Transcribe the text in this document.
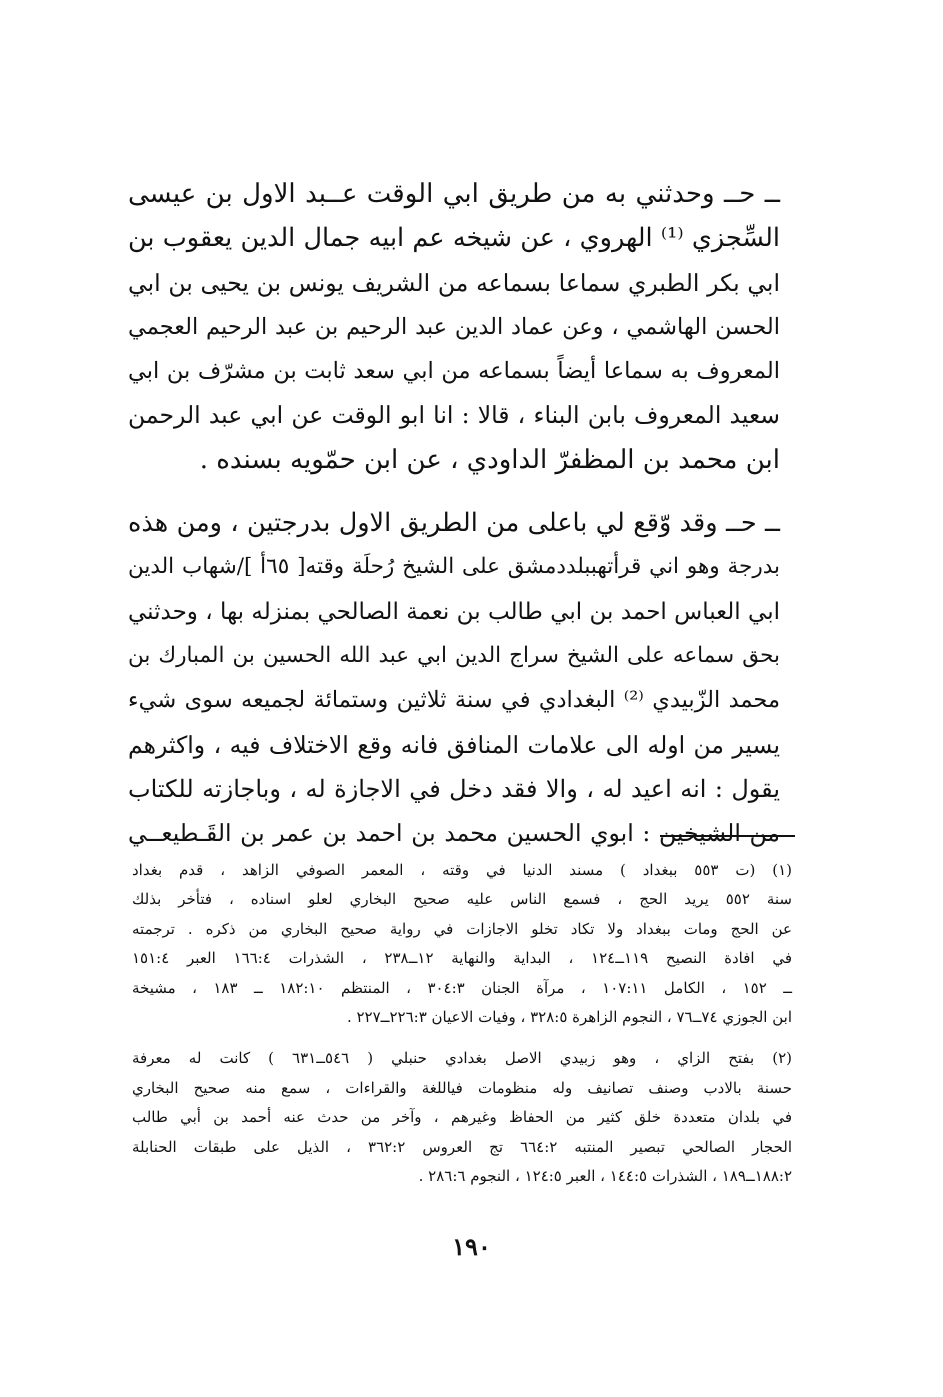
ــ حــ وحدثني به من طريق ابي الوقت عــبد الاول بن عيسى
السِّجزي ⁽¹⁾ الهروي ، عن شيخه عم ابيه جمال الدين يعقوب بن
ابي بكر الطبري سماعا بسماعه من الشريف يونس بن يحيى بن ابي
الحسن الهاشمي ، وعن عماد الدين عبد الرحيم بن عبد الرحيم العجمي
المعروف به سماعا أيضاً بسماعه من ابي سعد ثابت بن مشرّف بن ابي
سعيد المعروف بابن البناء ، قالا : انا ابو الوقت عن ابي عبد الرحمن
ابن محمد بن المظفرّ الداودي ، عن ابن حمّويه بسنده .

ــ حــ وقد وّقع لي باعلى من الطريق الاول بدرجتين ، ومن هذه
بدرجة وهو اني قرأتهببلددمشق على الشيخ رُحلَة وقته[ ٦٥أ ]/شهاب الدين
ابي العباس احمد بن ابي طالب بن نعمة الصالحي بمنزله بها ، وحدثني
بحق سماعه على الشيخ سراج الدين ابي عبد الله الحسين بن المبارك بن
محمد الزّبيدي ⁽²⁾ البغدادي في سنة ثلاثين وستمائة لجميعه سوى شيء
يسير من اوله الى علامات المنافق فانه وقع الاختلاف فيه ، واكثرهم
يقول : انه اعيد له ، والا فقد دخل في الاجازة له ، وباجازته للكتاب
من الشيخين : ابوي الحسين محمد بن احمد بن عمر بن القَـطيعــي

(١) (ت ٥٥٣ ببغداد ) مسند الدنيا في وقته ، المعمر الصوفي الزاهد ، قدم بغداد
سنة ٥٥٢ يريد الحج ، فسمع الناس عليه صحيح البخاري لعلو اسناده ، فتأخر بذلك
عن الحج ومات ببغداد ولا تكاد تخلو الاجازات في رواية صحيح البخاري من ذكره . ترجمته
في افادة النصيح ١١٩ــ١٢٤ ، البداية والنهاية ١٢ــ٢٣٨ ، الشذرات ١٦٦:٤ العبر ١٥١:٤
ــ ١٥٢ ، الكامل ١٠٧:١١ ، مرآة الجنان ٣٠٤:٣ ، المنتظم ١٨٢:١٠ ــ ١٨٣ ، مشيخة
ابن الجوزي ٧٤ــ٧٦ ، النجوم الزاهرة ٣٢٨:٥ ، وفيات الاعيان ٢٢٦:٣ــ٢٢٧ .

(٢) بفتح الزاي ، وهو زبيدي الاصل بغدادي حنبلي ( ٥٤٦ــ٦٣١ ) كانت له معرفة
حسنة بالادب وصنف تصانيف وله منظومات فياللغة والقراءات ، سمع منه صحيح البخاري
في بلدان متعددة خلق كثير من الحفاظ وغيرهم ، وآخر من حدث عنه أحمد بن أبي طالب
الحجار الصالحي تبصير المنتبه ٦٦٤:٢ تج العروس ٣٦٢:٢ ، الذيل على طبقات الحنابلة
١٨٨:٢ــ١٨٩ ، الشذرات ١٤٤:٥ ، العبر ١٢٤:٥ ، النجوم ٢٨٦:٦ .

١٩٠
